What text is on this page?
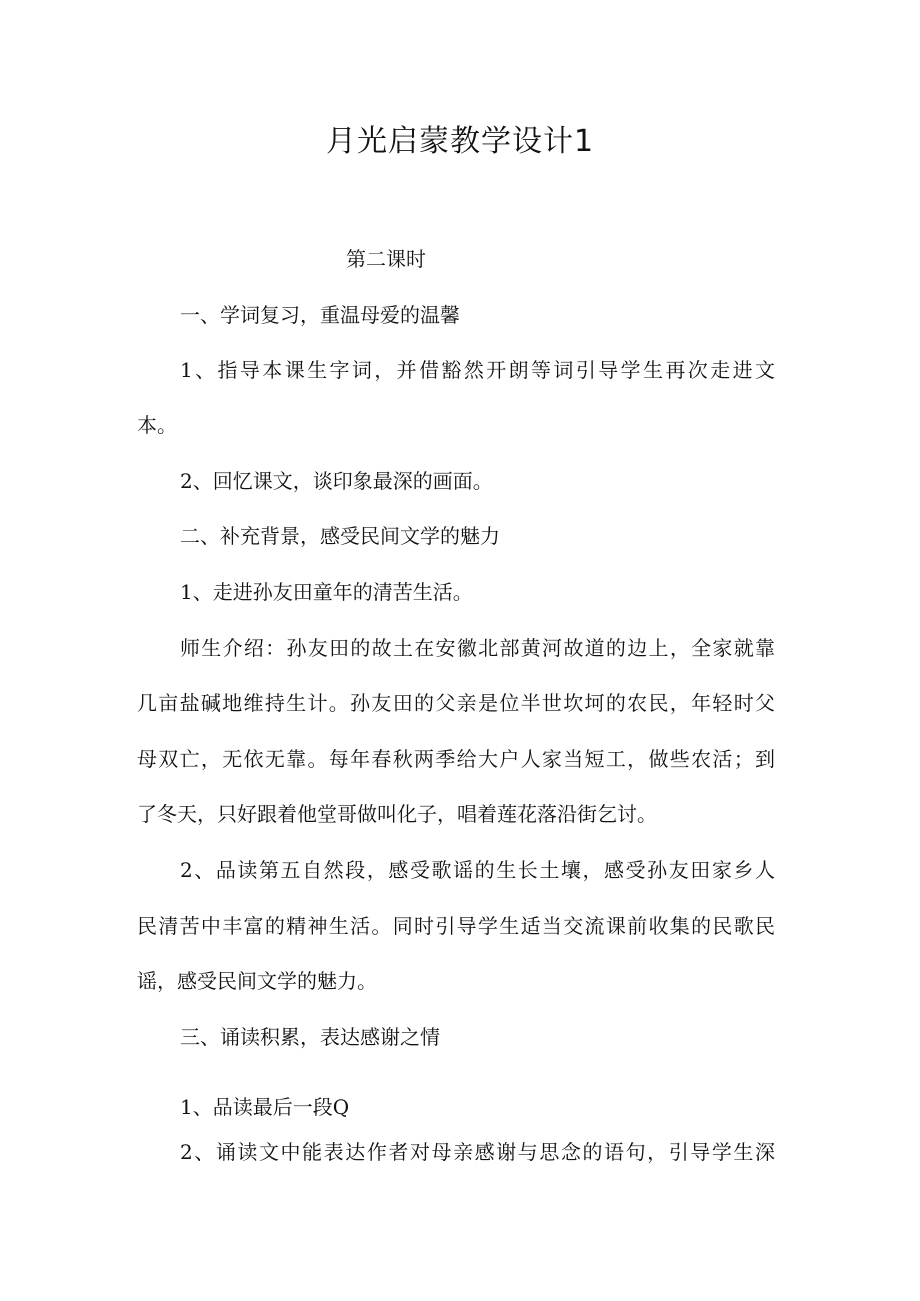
月光启蒙教学设计1

第二课时

一、学词复习，重温母爱的温馨

1、指导本课生字词，并借豁然开朗等词引导学生再次走进文

本。

2、回忆课文，谈印象最深的画面。

二、补充背景，感受民间文学的魅力

1、走进孙友田童年的清苦生活。

师生介绍：孙友田的故土在安徽北部黄河故道的边上，全家就靠

几亩盐碱地维持生计。孙友田的父亲是位半世坎坷的农民，年轻时父

母双亡，无依无靠。每年春秋两季给大户人家当短工，做些农活；到

了冬天，只好跟着他堂哥做叫化子，唱着莲花落沿街乞讨。

2、品读第五自然段，感受歌谣的生长土壤，感受孙友田家乡人

民清苦中丰富的精神生活。同时引导学生适当交流课前收集的民歌民

谣，感受民间文学的魅力。

三、诵读积累，表达感谢之情

1、品读最后一段Q

2、诵读文中能表达作者对母亲感谢与思念的语句，引导学生深
